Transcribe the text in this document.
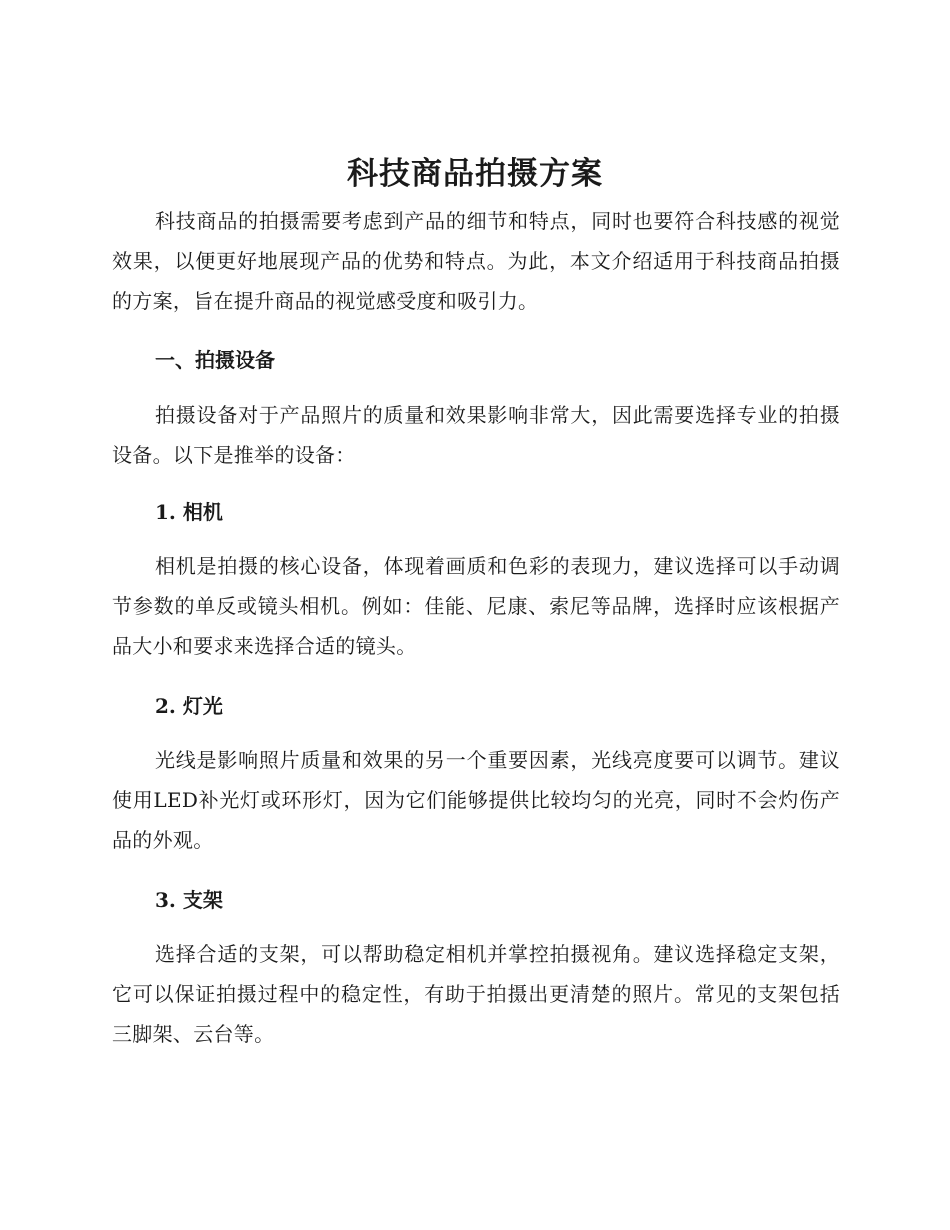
科技商品拍摄方案

科技商品的拍摄需要考虑到产品的细节和特点，同时也要符合科技感的视觉效果，以便更好地展现产品的优势和特点。为此，本文介绍适用于科技商品拍摄的方案，旨在提升商品的视觉感受度和吸引力。

一、拍摄设备

拍摄设备对于产品照片的质量和效果影响非常大，因此需要选择专业的拍摄设备。以下是推举的设备：

1. 相机

相机是拍摄的核心设备，体现着画质和色彩的表现力，建议选择可以手动调节参数的单反或镜头相机。例如：佳能、尼康、索尼等品牌，选择时应该根据产品大小和要求来选择合适的镜头。

2. 灯光

光线是影响照片质量和效果的另一个重要因素，光线亮度要可以调节。建议使用LED补光灯或环形灯，因为它们能够提供比较均匀的光亮，同时不会灼伤产品的外观。

3. 支架

选择合适的支架，可以帮助稳定相机并掌控拍摄视角。建议选择稳定支架，它可以保证拍摄过程中的稳定性，有助于拍摄出更清楚的照片。常见的支架包括三脚架、云台等。
